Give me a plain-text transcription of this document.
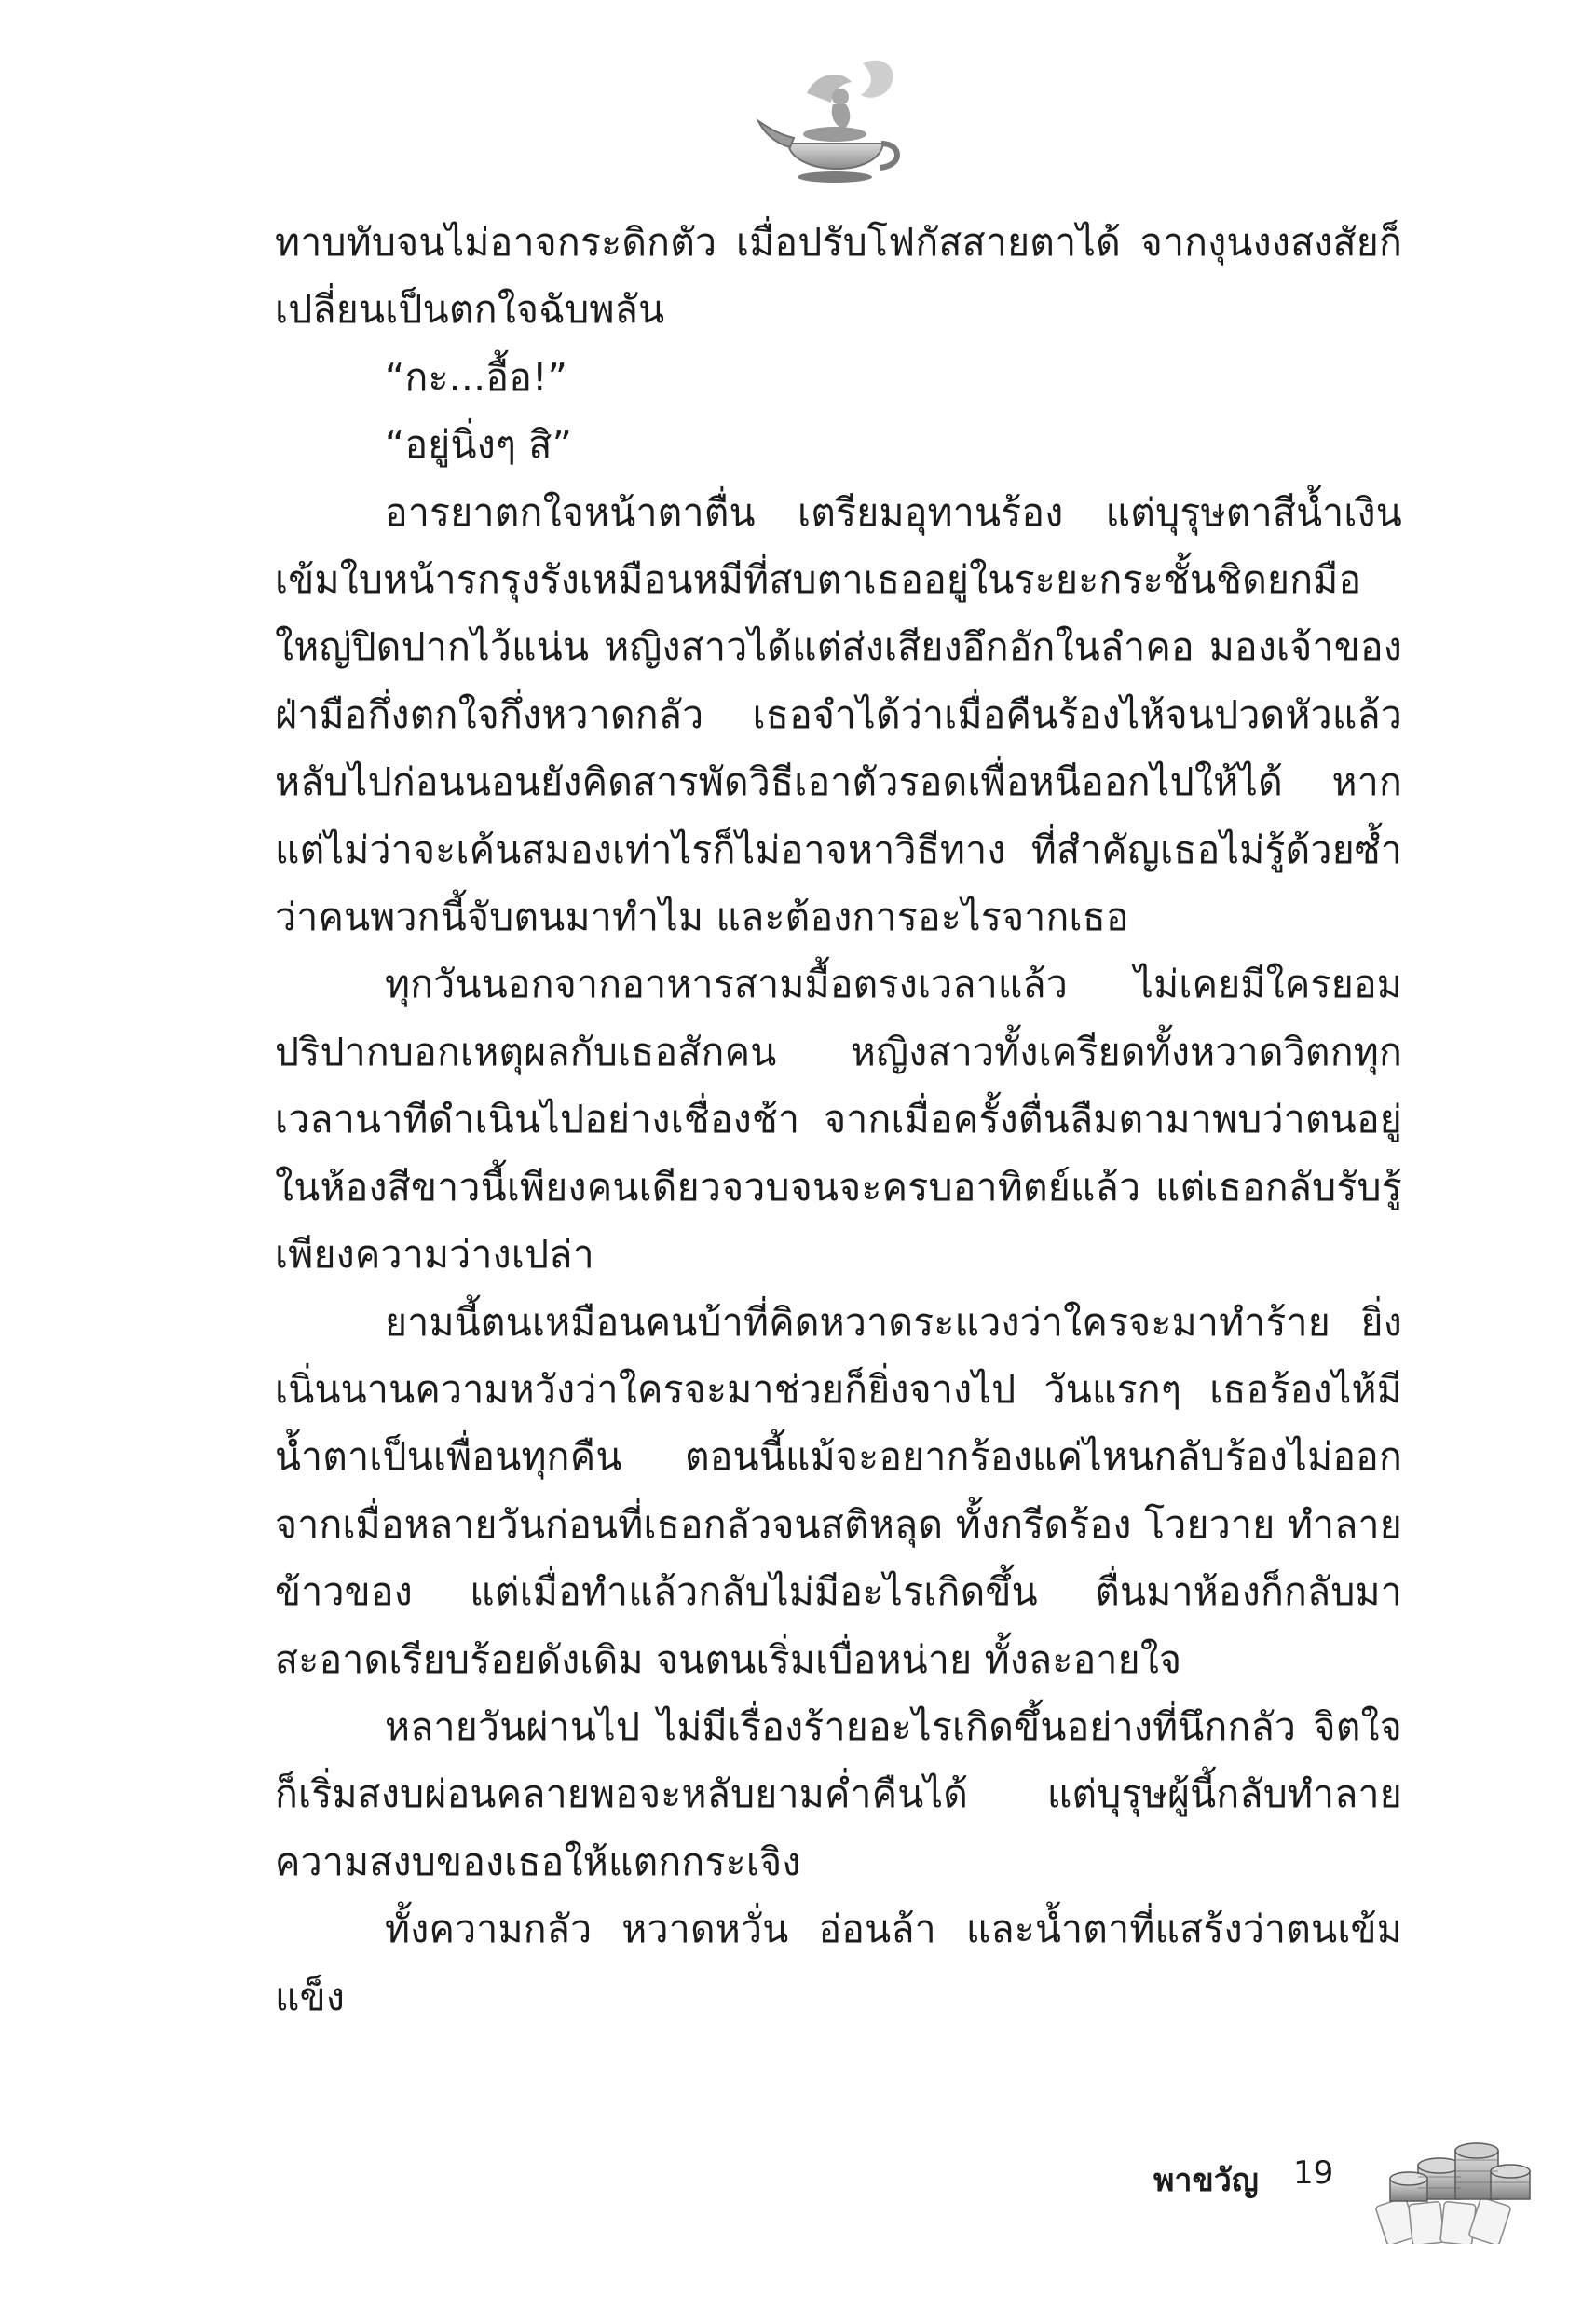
ทาบทับจนไม่อาจกระดิกตัว เมื่อปรับโฟกัสสายตาได้ จากงุนงงสงสัยก็เปลี่ยนเป็นตกใจฉับพลัน

“กะ...อื้อ!”

“อยู่นิ่งๆ สิ”

อารยาตกใจหน้าตาตื่น เตรียมอุทานร้อง แต่บุรุษตาสีน้ำเงินเข้มใบหน้ารกรุงรังเหมือนหมีที่สบตาเธออยู่ในระยะกระชั้นชิดยกมือใหญ่ปิดปากไว้แน่น หญิงสาวได้แต่ส่งเสียงอึกอักในลำคอ มองเจ้าของฝ่ามือกึ่งตกใจกึ่งหวาดกลัว เธอจำได้ว่าเมื่อคืนร้องไห้จนปวดหัวแล้วหลับไปก่อนนอนยังคิดสารพัดวิธีเอาตัวรอดเพื่อหนีออกไปให้ได้ หากแต่ไม่ว่าจะเค้นสมองเท่าไรก็ไม่อาจหาวิธีทาง ที่สำคัญเธอไม่รู้ด้วยซ้ำว่าคนพวกนี้จับตนมาทำไม และต้องการอะไรจากเธอ

ทุกวันนอกจากอาหารสามมื้อตรงเวลาแล้ว ไม่เคยมีใครยอมปริปากบอกเหตุผลกับเธอสักคน หญิงสาวทั้งเครียดทั้งหวาดวิตกทุกเวลานาทีดำเนินไปอย่างเชื่องช้า จากเมื่อครั้งตื่นลืมตามาพบว่าตนอยู่ในห้องสีขาวนี้เพียงคนเดียวจวบจนจะครบอาทิตย์แล้ว แต่เธอกลับรับรู้เพียงความว่างเปล่า

ยามนี้ตนเหมือนคนบ้าที่คิดหวาดระแวงว่าใครจะมาทำร้าย ยิ่งเนิ่นนานความหวังว่าใครจะมาช่วยก็ยิ่งจางไป วันแรกๆ เธอร้องไห้มีน้ำตาเป็นเพื่อนทุกคืน ตอนนี้แม้จะอยากร้องแค่ไหนกลับร้องไม่ออก จากเมื่อหลายวันก่อนที่เธอกลัวจนสติหลุด ทั้งกรีดร้อง โวยวาย ทำลายข้าวของ แต่เมื่อทำแล้วกลับไม่มีอะไรเกิดขึ้น ตื่นมาห้องก็กลับมาสะอาดเรียบร้อยดังเดิม จนตนเริ่มเบื่อหน่าย ทั้งละอายใจ

หลายวันผ่านไป ไม่มีเรื่องร้ายอะไรเกิดขึ้นอย่างที่นึกกลัว จิตใจก็เริ่มสงบผ่อนคลายพอจะหลับยามค่ำคืนได้ แต่บุรุษผู้นี้กลับทำลายความสงบของเธอให้แตกกระเจิง

ทั้งความกลัว หวาดหวั่น อ่อนล้า และน้ำตาที่แสร้งว่าตนเข้มแข็ง

พาขวัญ 19
